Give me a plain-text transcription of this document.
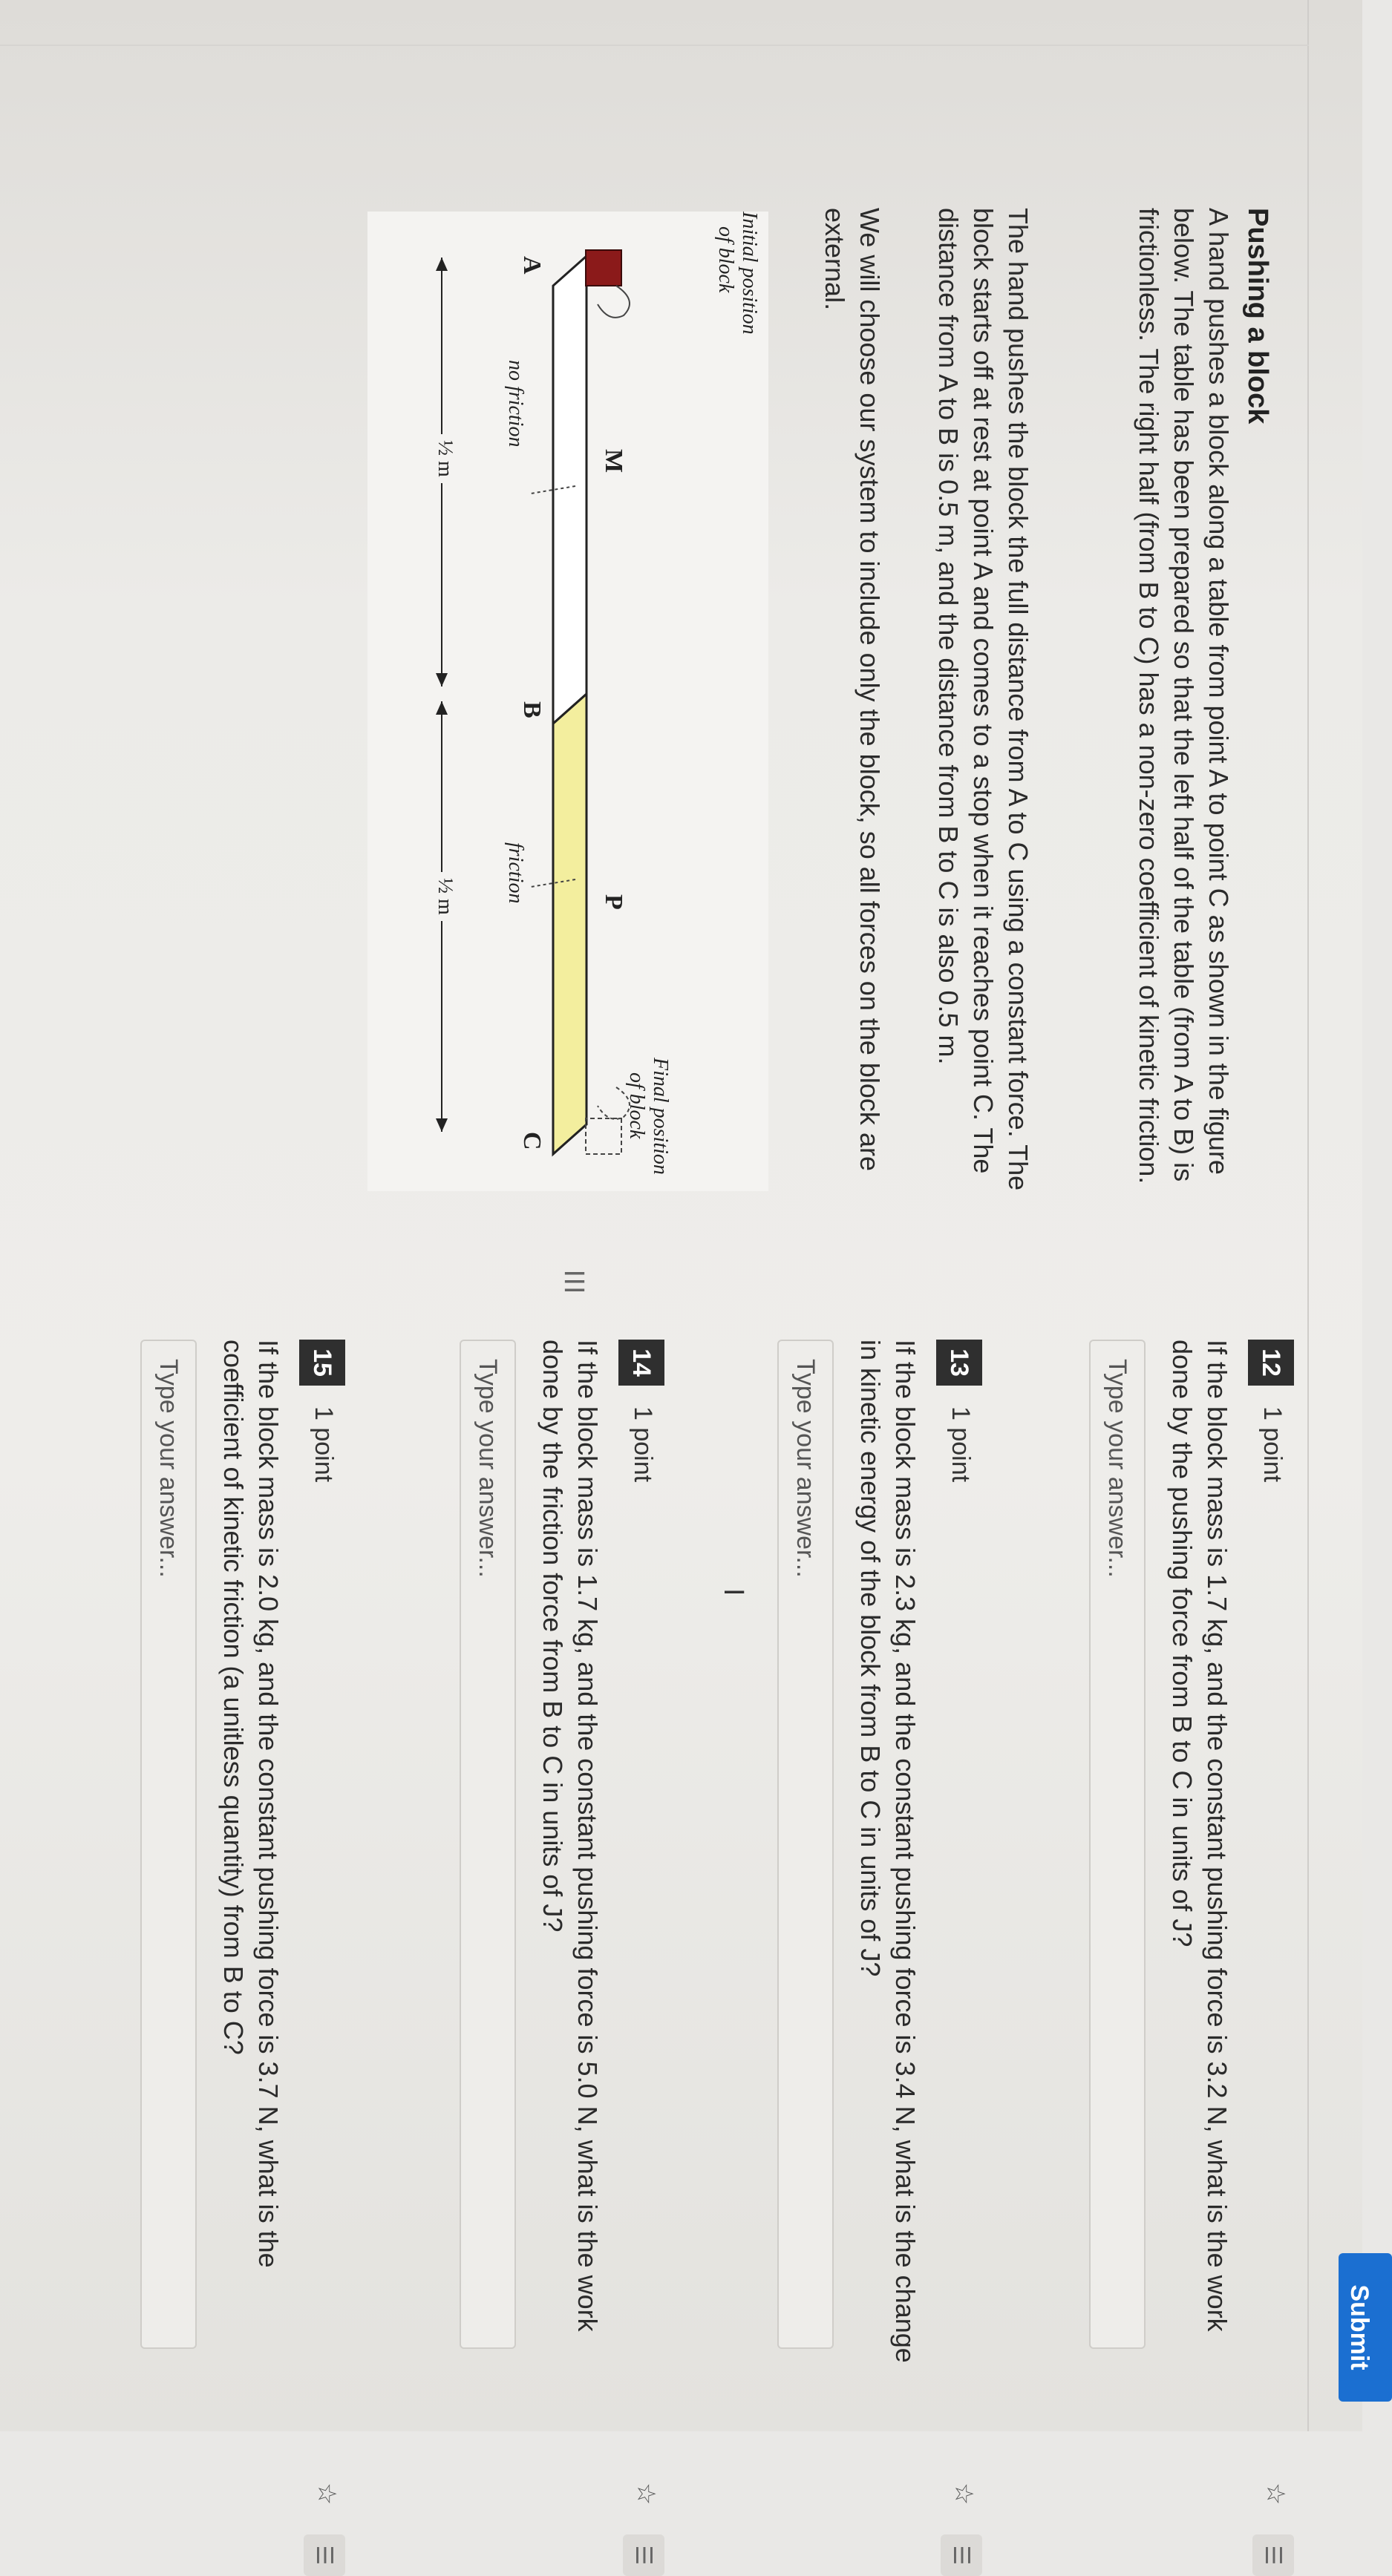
Submit
Pushing a block

A hand pushes a block along a table from point A to point C as shown in the figure below. The table has been prepared so that the left half of the table (from A to B) is frictionless. The right half (from B to C) has a non-zero coefficient of kinetic friction.

The hand pushes the block the full distance from A to C using a constant force. The block starts off at rest at point A and comes to a stop when it reaches point C. The distance from A to B is 0.5 m, and the distance from B to C is also 0.5 m.

We will choose our system to include only the block, so all forces on the block are external.

Initial position
of block
Final position
of block
M
P
A
B
C
no friction
friction
½ m
½ m
☰
12
1 point
☆
☰

If the block mass is 1.7 kg, and the constant pushing force is 3.2 N, what is the work done by the pushing force from B to C in units of J?

Type your answer...
13
1 point
☆
☰

If the block mass is 2.3 kg, and the constant pushing force is 3.4 N, what is the change in kinetic energy of the block from B to C in units of J?

Type your answer...
14
1 point
☆
☰

If the block mass is 1.7 kg, and the constant pushing force is 5.0 N, what is the work done by the friction force from B to C in units of J?

Type your answer...
15
1 point
☆
☰

If the block mass is 2.0 kg, and the constant pushing force is 3.7 N, what is the coefficient of kinetic friction (a unitless quantity) from B to C?

Type your answer...	I
